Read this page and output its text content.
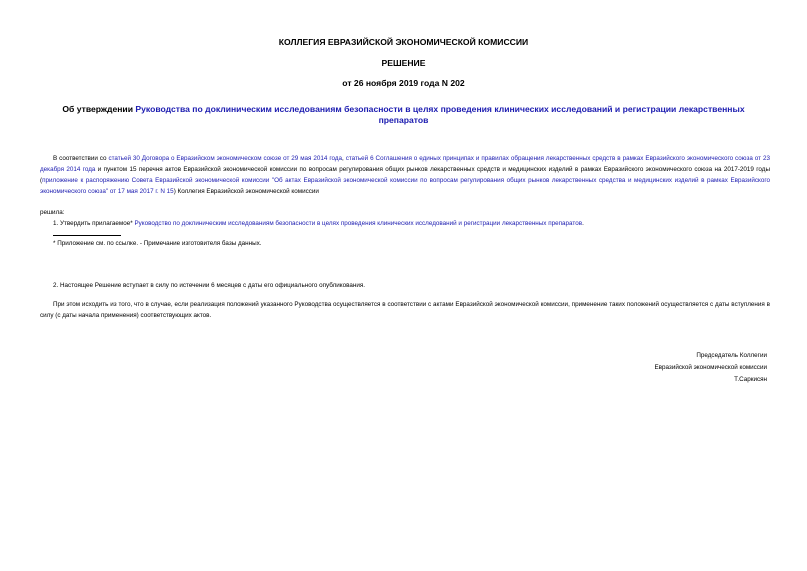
КОЛЛЕГИЯ ЕВРАЗИЙСКОЙ ЭКОНОМИЧЕСКОЙ КОМИССИИ
РЕШЕНИЕ
от 26 ноября 2019 года N 202
Об утверждении Руководства по доклиническим исследованиям безопасности в целях проведения клинических исследований и регистрации лекарственных препаратов
В соответствии со статьей 30 Договора о Евразийском экономическом союзе от 29 мая 2014 года, статьей 6 Соглашения о единых принципах и правилах обращения лекарственных средств в рамках Евразийского экономического союза от 23 декабря 2014 года и пунктом 15 перечня актов Евразийской экономической комиссии по вопросам регулирования общих рынков лекарственных средств и медицинских изделий в рамках Евразийского экономического союза на 2017-2019 годы (приложение к распоряжению Совета Евразийской экономической комиссии "Об актах Евразийской экономической комиссии по вопросам регулирования общих рынков лекарственных средства и медицинских изделий в рамках Евразийского экономического союза" от 17 мая 2017 г. N 15) Коллегия Евразийской экономической комиссии
решила:
1. Утвердить прилагаемое* Руководство по доклиническим исследованиям безопасности в целях проведения клинических исследований и регистрации лекарственных препаратов.
* Приложение см. по ссылке. - Примечание изготовителя базы данных.
2. Настоящее Решение вступает в силу по истечении 6 месяцев с даты его официального опубликования.
При этом исходить из того, что в случае, если реализация положений указанного Руководства осуществляется в соответствии с актами Евразийской экономической комиссии, применение таких положений осуществляется с даты вступления в силу (с даты начала применения) соответствующих актов.
Председатель Коллегии
Евразийской экономической комиссии
Т.Саркисян
